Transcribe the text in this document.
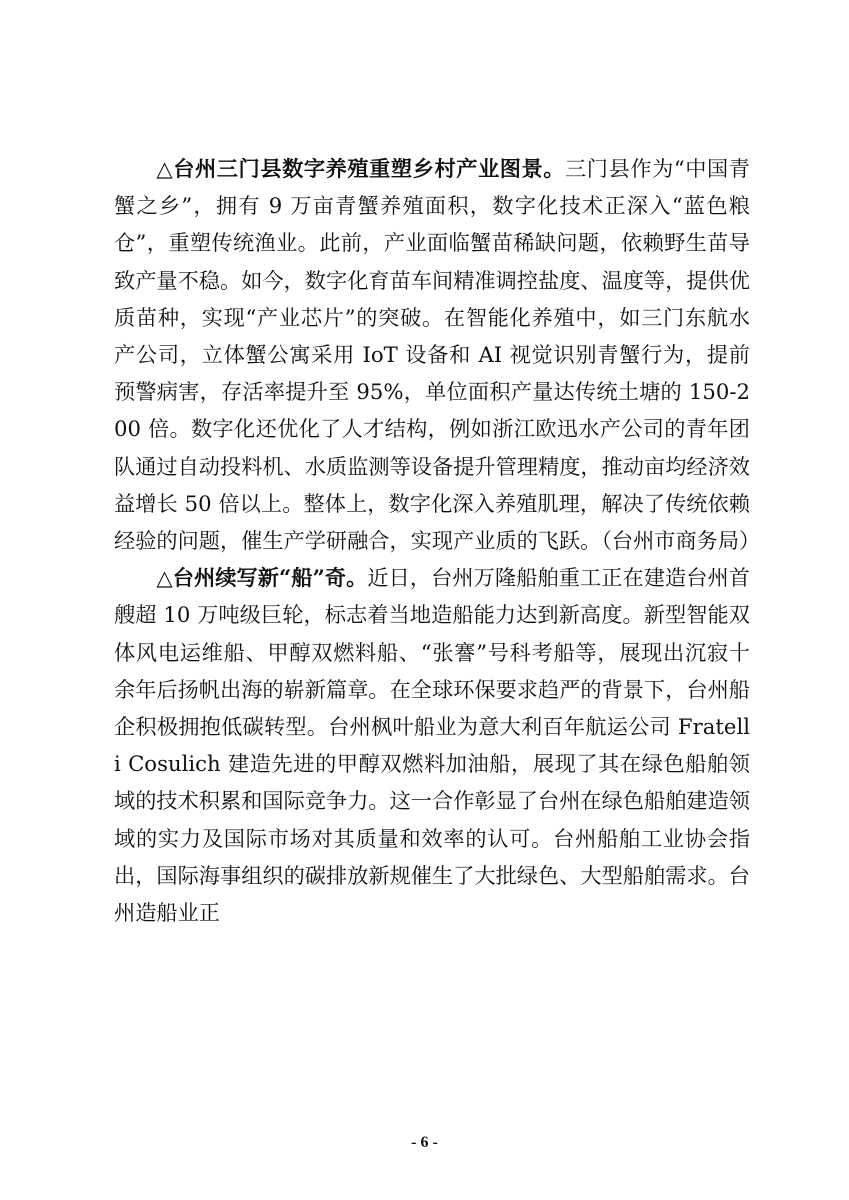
△台州三门县数字养殖重塑乡村产业图景。三门县作为“中国青蟹之乡”，拥有 9 万亩青蟹养殖面积，数字化技术正深入“蓝色粮仓”，重塑传统渔业。此前，产业面临蟹苗稀缺问题，依赖野生苗导致产量不稳。如今，数字化育苗车间精准调控盐度、温度等，提供优质苗种，实现“产业芯片”的突破。在智能化养殖中，如三门东航水产公司，立体蟹公寓采用 IoT 设备和 AI 视觉识别青蟹行为，提前预警病害，存活率提升至 95%，单位面积产量达传统土塘的 150-200 倍。数字化还优化了人才结构，例如浙江欧迅水产公司的青年团队通过自动投料机、水质监测等设备提升管理精度，推动亩均经济效益增长 50 倍以上。整体上，数字化深入养殖肌理，解决了传统依赖经验的问题，催生产学研融合，实现产业质的飞跃。（台州市商务局）

△台州续写新“船”奇。近日，台州万隆船舶重工正在建造台州首艘超 10 万吨级巨轮，标志着当地造船能力达到新高度。新型智能双体风电运维船、甲醇双燃料船、“张謇”号科考船等，展现出沉寂十余年后扬帆出海的崭新篇章。在全球环保要求趋严的背景下，台州船企积极拥抱低碳转型。台州枫叶船业为意大利百年航运公司 Fratelli Cosulich 建造先进的甲醇双燃料加油船，展现了其在绿色船舶领域的技术积累和国际竞争力。这一合作彰显了台州在绿色船舶建造领域的实力及国际市场对其质量和效率的认可。台州船舶工业协会指出，国际海事组织的碳排放新规催生了大批绿色、大型船舶需求。台州造船业正

- 6 -
